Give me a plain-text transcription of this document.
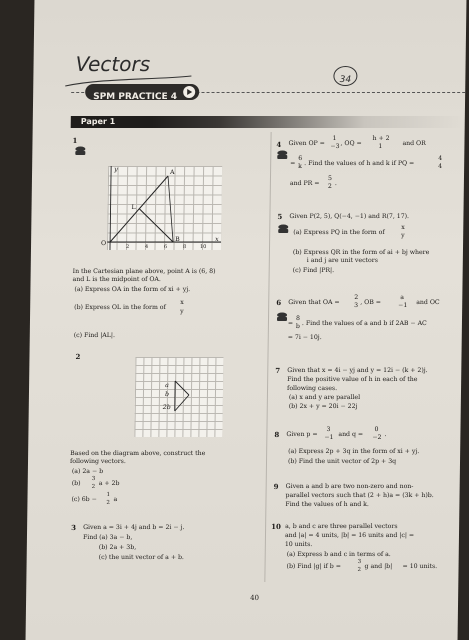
Vectors
34
SPM PRACTICE 4
Paper 1
1
y	A
L
O
x
B
2	4	6	8	10
In the Cartesian plane above, point A is (6, 8)
and L is the midpoint of OA.
(a) Express OA in the form of xi + yj.
(b) Express OL in the form of
x
y
(c) Find |AL|.
2
a
b
2b
Based on the diagram above, construct the
following vectors.
(a) 2a − b
(b)
3
2 a + 2b
(c) 6b −
1
2 a
3 Given a = 3i + 4j and b = 2i − j.
Find (a) 3a − b,
(b) 2a + 3b,
(c) the unit vector of a + b.
4 Given OP =
1
−3 , OQ =
h + 2
1	and OR
=
6
k . Find the values of h and k if PQ =
4
4
and PR =
5
2 .
5 Given P(2, 5), Q(−4, −1) and R(7, 17).
(a) Express PQ in the form of
x
y
(b) Express QR in the form of ai + bj where
i and j are unit vectors
(c) Find |PR|.
6 Given that OA =
2
3 , OB =
a
−1 and OC
=
8
b . Find the values of a and b if 2AB − AC
= 7i − 10j.
7 Given that x = 4i − yj and y = 12i − (k + 2)j.
Find the positive value of h in each of the
following cases.
(a) x and y are parallel
(b) 2x + y = 20i − 22j
8 Given p =
3
−1 and q =
0
−2 .
(a) Express 2p + 3q in the form of xi + yj.
(b) Find the unit vector of 2p + 3q
9 Given a and b are two non-zero and non-
parallel vectors such that (2 + h)a = (3k + h)b.
Find the values of h and k.
10 a, b and c are three parallel vectors
and |a| = 4 units, |b| = 16 units and |c| =
10 units.
(a) Express b and c in terms of a.
(b) Find |g| if b =
3
2 g and |b| = 10 units.
40
